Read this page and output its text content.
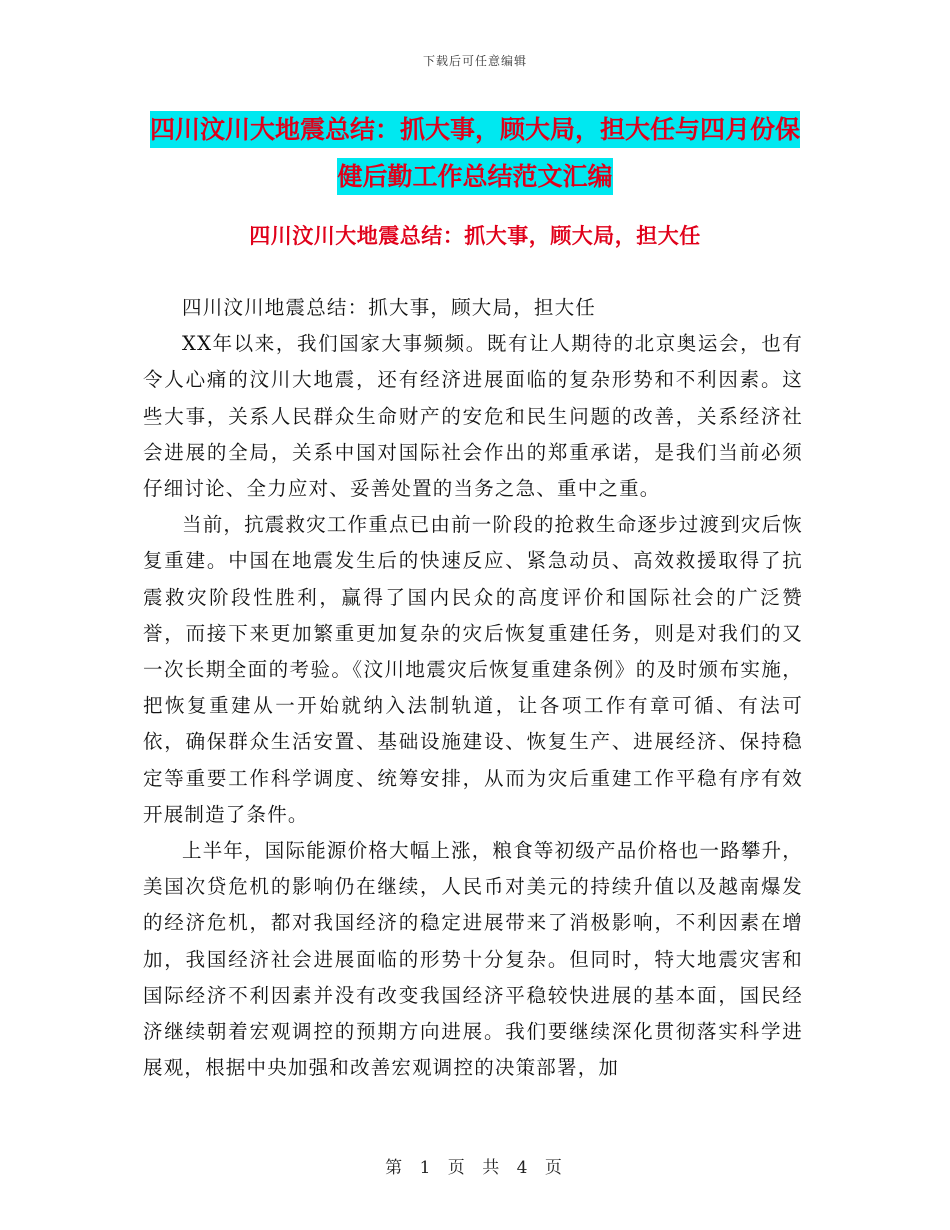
下载后可任意编辑
四川汶川大地震总结：抓大事，顾大局，担大任与四月份保健后勤工作总结范文汇编
四川汶川大地震总结：抓大事，顾大局，担大任

四川汶川地震总结：抓大事，顾大局，担大任

XX年以来，我们国家大事频频。既有让人期待的北京奥运会，也有令人心痛的汶川大地震，还有经济进展面临的复杂形势和不利因素。这些大事，关系人民群众生命财产的安危和民生问题的改善，关系经济社会进展的全局，关系中国对国际社会作出的郑重承诺，是我们当前必须仔细讨论、全力应对、妥善处置的当务之急、重中之重。

当前，抗震救灾工作重点已由前一阶段的抢救生命逐步过渡到灾后恢复重建。中国在地震发生后的快速反应、紧急动员、高效救援取得了抗震救灾阶段性胜利，赢得了国内民众的高度评价和国际社会的广泛赞誉，而接下来更加繁重更加复杂的灾后恢复重建任务，则是对我们的又一次长期全面的考验。《汶川地震灾后恢复重建条例》的及时颁布实施，把恢复重建从一开始就纳入法制轨道，让各项工作有章可循、有法可依，确保群众生活安置、基础设施建设、恢复生产、进展经济、保持稳定等重要工作科学调度、统筹安排，从而为灾后重建工作平稳有序有效开展制造了条件。

上半年，国际能源价格大幅上涨，粮食等初级产品价格也一路攀升，美国次贷危机的影响仍在继续，人民币对美元的持续升值以及越南爆发的经济危机，都对我国经济的稳定进展带来了消极影响，不利因素在增加，我国经济社会进展面临的形势十分复杂。但同时，特大地震灾害和国际经济不利因素并没有改变我国经济平稳较快进展的基本面，国民经济继续朝着宏观调控的预期方向进展。我们要继续深化贯彻落实科学进展观，根据中央加强和改善宏观调控的决策部署，加

第 1 页 共 4 页
